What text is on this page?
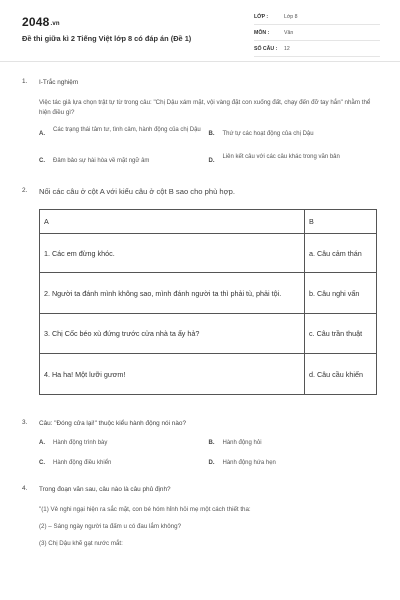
2048.vn
Đề thi giữa kì 2 Tiếng Việt lớp 8 có đáp án (Đề 1)
LỚP :	Lớp 8
MÔN :	Văn
SỐ CÂU : 12
1. I-Trắc nghiệm
Việc tác giả lựa chọn trật tự từ trong câu: "Chị Dậu xám mặt, vội vàng đặt con xuống đất, chạy đến đỡ tay hắn" nhằm thể hiện điều gì?
A.
Các trạng thái tâm tư, tình cảm, hành động của chị Dậu
B. Thứ tự các hoạt động của chị Dậu
C. Đảm bảo sự hài hòa về mặt ngữ âm	D.
Liên kết câu với các câu khác trong văn bản
2. Nối các câu ở cột A với kiểu câu ở cột B sao cho phù hợp.
A	B
1. Các em đừng khóc.	a. Câu cảm thán
2. Người ta đánh mình không sao, mình đánh người ta thì phải tù, phải tội.	b. Câu nghi vấn
3. Chị Cốc béo xù đứng trước cửa nhà ta ấy hả?	c. Câu trần thuật
4. Ha ha! Một lưỡi gươm!	d. Câu cầu khiến
3. Câu: "Đóng cửa lại!" thuộc kiểu hành động nói nào?
A. Hành động trình bày	B. Hành động hỏi
C. Hành động điều khiển	D. Hành động hứa hẹn
4. Trong đoạn văn sau, câu nào là câu phủ định?
"(1) Vẻ nghi ngại hiện ra sắc mặt, con bé hóm hỉnh hỏi mẹ một cách thiết tha:
(2) – Sáng ngày người ta đấm u có đau lắm không?
(3) Chị Dậu khẽ gạt nước mắt:
